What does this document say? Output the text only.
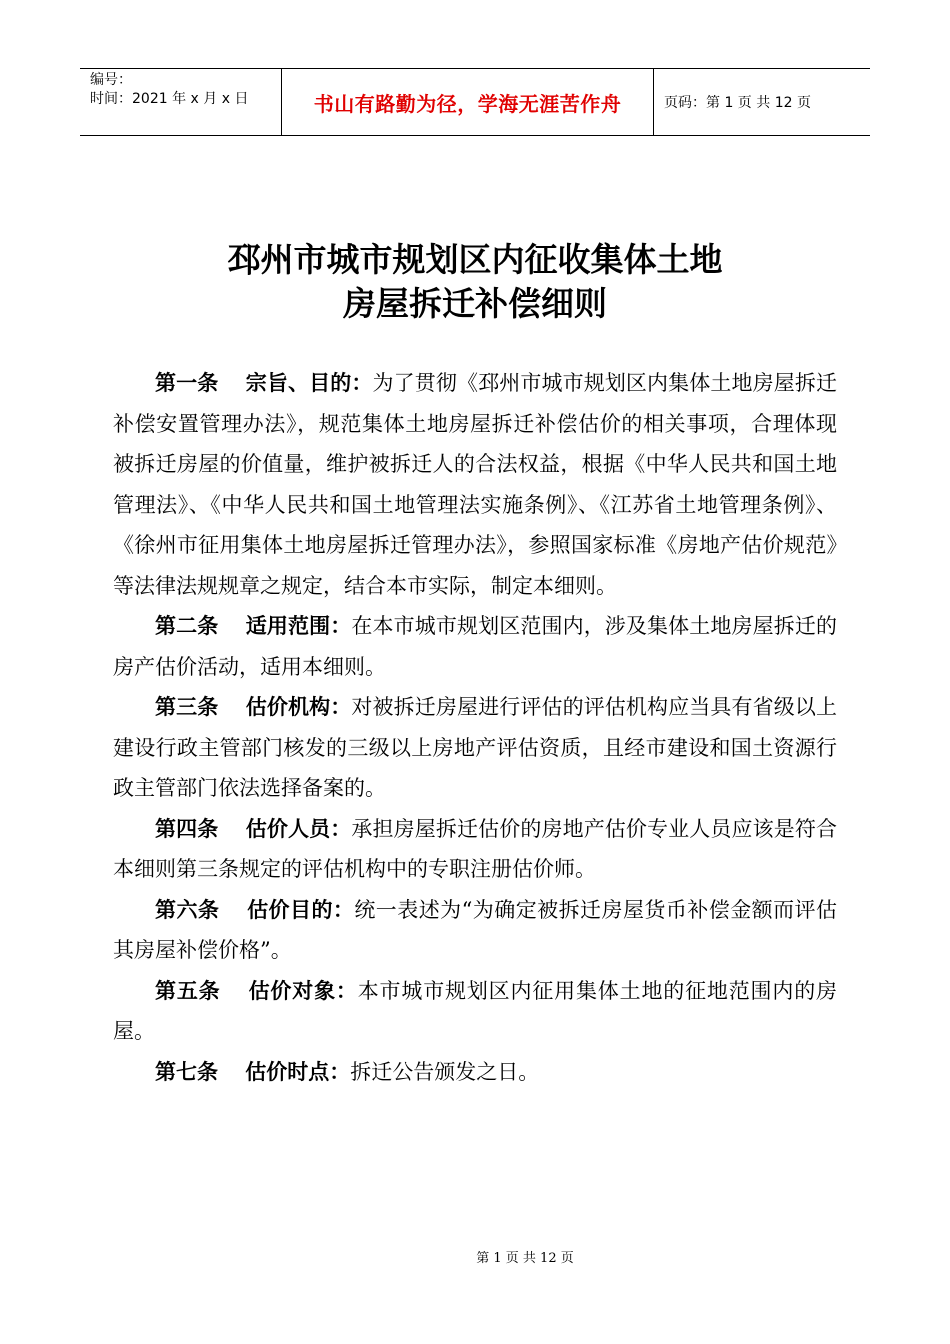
编号：
时间：2021 年 x 月 x 日	书山有路勤为径，学海无涯苦作舟	页码：第 1 页 共 12 页
邳州市城市规划区内征收集体土地
房屋拆迁补偿细则

第一条 宗旨、目的：为了贯彻《邳州市城市规划区内集体土地房屋拆迁补偿安置管理办法》，规范集体土地房屋拆迁补偿估价的相关事项，合理体现被拆迁房屋的价值量，维护被拆迁人的合法权益，根据《中华人民共和国土地管理法》、《中华人民共和国土地管理法实施条例》、《江苏省土地管理条例》、《徐州市征用集体土地房屋拆迁管理办法》，参照国家标准《房地产估价规范》等法律法规规章之规定，结合本市实际，制定本细则。

第二条 适用范围：在本市城市规划区范围内，涉及集体土地房屋拆迁的房产估价活动，适用本细则。

第三条 估价机构：对被拆迁房屋进行评估的评估机构应当具有省级以上建设行政主管部门核发的三级以上房地产评估资质，且经市建设和国土资源行政主管部门依法选择备案的。

第四条 估价人员：承担房屋拆迁估价的房地产估价专业人员应该是符合本细则第三条规定的评估机构中的专职注册估价师。

第六条 估价目的：统一表述为“为确定被拆迁房屋货币补偿金额而评估其房屋补偿价格”。

第五条 估价对象：本市城市规划区内征用集体土地的征地范围内的房屋。

第七条 估价时点：拆迁公告颁发之日。

第 1 页 共 12 页
